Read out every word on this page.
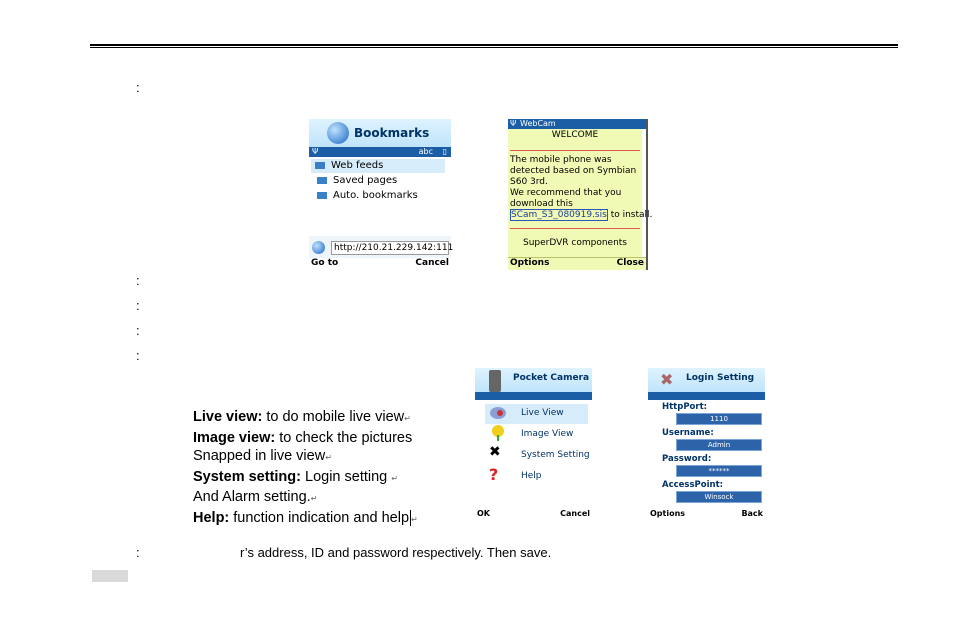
:
:
:
:
:
:
Bookmarks
Ψ	abc ▯
Web feeds
Saved pages
Auto. bookmarks
http://210.21.229.142:111
Go to	Cancel
Ψ WebCam
WELCOME
The mobile phone was
detected based on Symbian
S60 3rd.
We recommend that you
download this
SCam_S3_080919.sis to install.
SuperDVR components
Options	Close
Live view: to do mobile live view↵
Image view: to check the pictures
Snapped in live view↵
System setting: Login setting ↵
And Alarm setting.↵
Help: function indication and help ↵
Pocket Camera
Live View
Image View
✖	System Setting
?	Help
OK	Cancel
✖ Login Setting
HttpPort:
1110
Username:
Admin
Password:
******
AccessPoint:
Winsock
Options	Back
r’s address, ID and password respectively. Then save.
